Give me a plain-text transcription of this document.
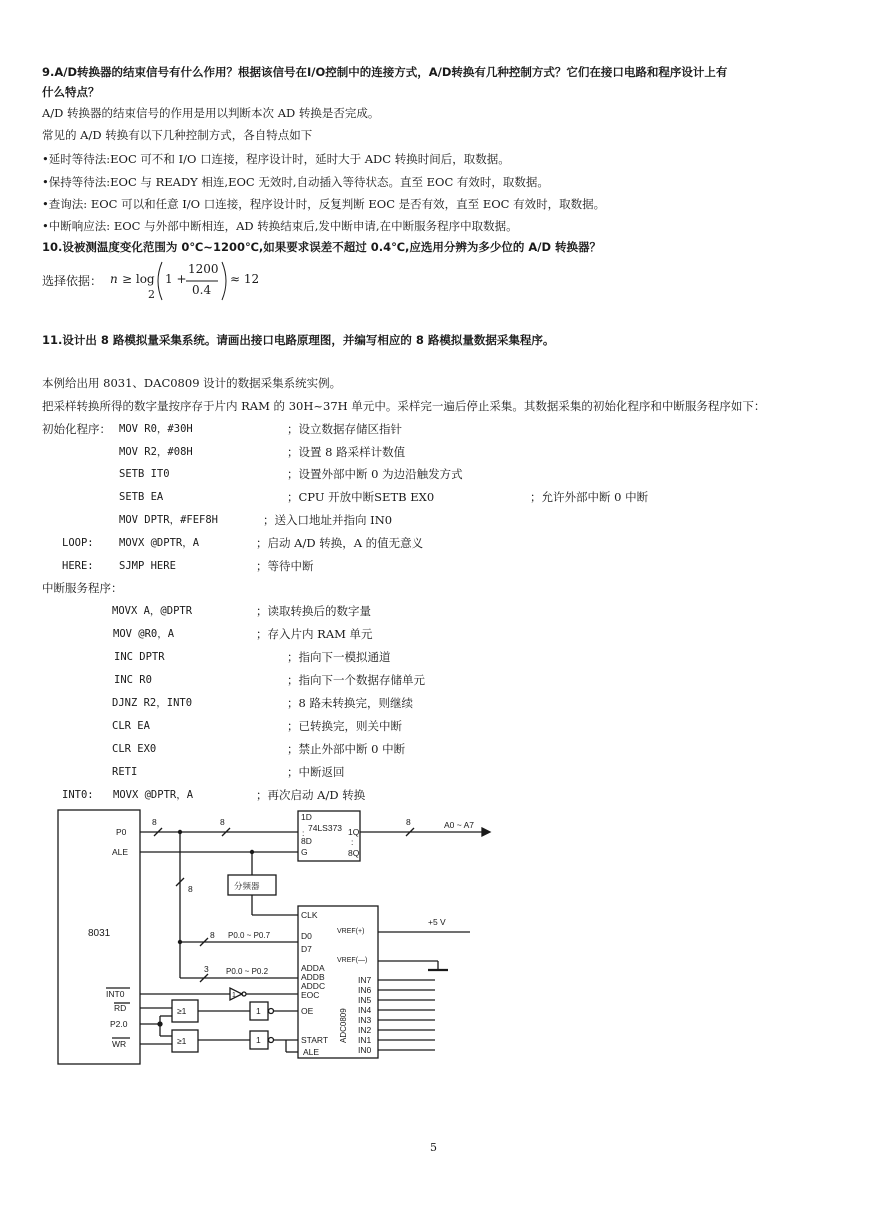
9.A/D转换器的结束信号有什么作用？根据该信号在I/O控制中的连接方式，A/D转换有几种控制方式？它们在接口电路和程序设计上有
什么特点？
A/D 转换器的结束信号的作用是用以判断本次 AD 转换是否完成。
常见的 A/D 转换有以下几种控制方式，各自特点如下
•延时等待法:EOC 可不和 I/O 口连接，程序设计时，延时大于 ADC 转换时间后，取数据。
•保持等待法:EOC 与 READY 相连,EOC 无效时,自动插入等待状态。直至 EOC 有效时，取数据。
•查询法: EOC 可以和任意 I/O 口连接，程序设计时，反复判断 EOC 是否有效，直至 EOC 有效时，取数据。
•中断响应法: EOC 与外部中断相连，AD 转换结束后,发中断申请,在中断服务程序中取数据。
10.设被测温度变化范围为 0℃~1200℃,如果要求误差不超过 0.4℃,应选用分辨为多少位的 A/D 转换器？
选择依据： n ≥ log
2
1 +
1200
0.4
≈ 12
11.设计出 8 路模拟量采集系统。请画出接口电路原理图，并编写相应的 8 路模拟量数据采集程序。
本例给出用 8031、DAC0809 设计的数据采集系统实例。
把采样转换所得的数字量按序存于片内 RAM 的 30H~37H 单元中。采样完一遍后停止采集。其数据采集的初始化程序和中断服务程序如下：
初始化程序： MOV R0，#30H	；设立数据存储区指针
MOV R2，#08H	；设置 8 路采样计数值
SETB IT0	；设置外部中断 0 为边沿触发方式
SETB EA	；CPU 开放中断SETB EX0	；允许外部中断 0 中断
MOV DPTR，#FEF8H	；送入口地址并指向 IN0
LOOP: MOVX @DPTR，A	；启动 A/D 转换，A 的值无意义
HERE: SJMP HERE	；等待中断
中断服务程序：
MOVX A，@DPTR	；读取转换后的数字量
MOV @R0，A	；存入片内 RAM 单元
INC DPTR	；指向下一模拟通道
INC R0	；指向下一个数据存储单元
DJNZ R2，INT0	；8 路未转换完，则继续
CLR EA	；已转换完，则关中断
CLR EX0	；禁止外部中断 0 中断
RETI	；中断返回
INT0: MOVX @DPTR，A	；再次启动 A/D 转换
8031
P0
ALE
INT0
RD
P2.0
WR
8	8	8
8
8
3
1D
74LS373
:
8D
G
1Q
:
8Q
A0 ~ A7
分频器
CLK
D0
D7
ADDA
ADDB
ADDC
EOC
OE
START
ALE
VREF(+)
VREF(—)
+5 V
ADC0809
P0.0 ~ P0.7
P0.0 ~ P0.2
IN7
IN6
IN5
IN4
IN3
IN2
IN1
IN0
≥1
≥1
1
1
1
5
